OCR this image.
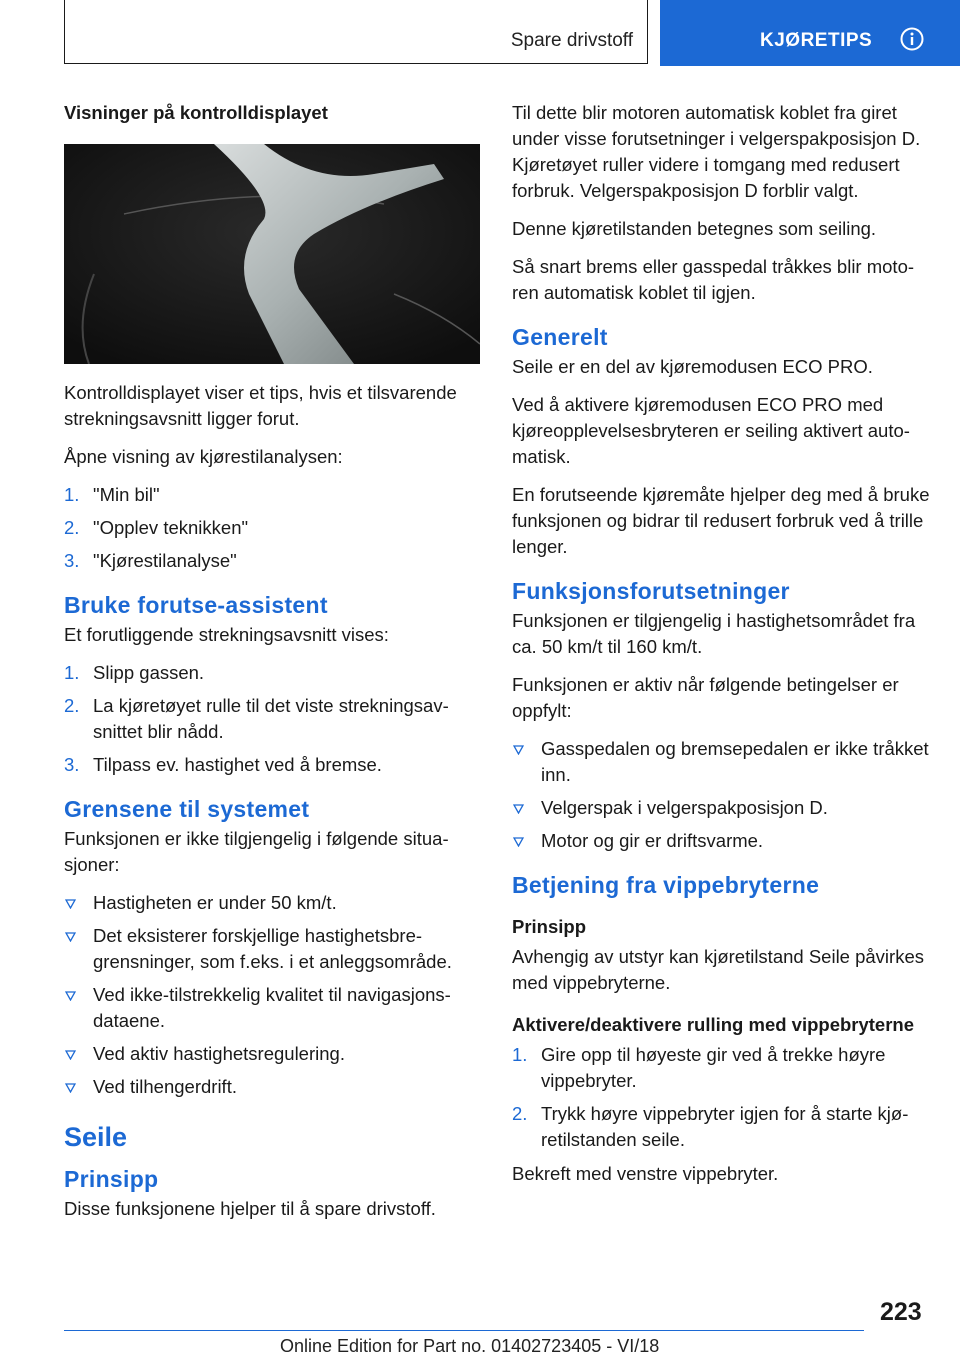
Spare drivstoff	KJØRETIPS
Visninger på kontrolldisplayet

Kontrolldisplayet viser et tips, hvis et tilsvarende strekningsavsnitt ligger forut.

Åpne visning av kjørestilanalysen:

1. "Min bil"
2. "Opplev teknikken"
3. "Kjørestilanalyse"
Bruke forutse-assistent

Et forutliggende strekningsavsnitt vises:

1. Slipp gassen.
2. La kjøretøyet rulle til det viste strekningsavsnittet blir nådd.
3. Tilpass ev. hastighet ved å bremse.
Grensene til systemet

Funksjonen er ikke tilgjengelig i følgende situasjoner:

Hastigheten er under 50 km/t.
Det eksisterer forskjellige hastighetsbregrensninger, som f.eks. i et anleggsområde.
Ved ikke-tilstrekkelig kvalitet til navigasjonsdataene.
Ved aktiv hastighetsregulering.
Ved tilhengerdrift.
Seile
Prinsipp

Disse funksjonene hjelper til å spare drivstoff.

Til dette blir motoren automatisk koblet fra giret under visse forutsetninger i velgerspakposisjon D. Kjøretøyet ruller videre i tomgang med redusert forbruk. Velgerspakposisjon D forblir valgt.

Denne kjøretilstanden betegnes som seiling.

Så snart brems eller gasspedal tråkkes blir motoren automatisk koblet til igjen.

Generelt

Seile er en del av kjøremodusen ECO PRO.

Ved å aktivere kjøremodusen ECO PRO med kjøreopplevelsesbryteren er seiling aktivert automatisk.

En forutseende kjøremåte hjelper deg med å bruke funksjonen og bidrar til redusert forbruk ved å trille lenger.

Funksjonsforutsetninger

Funksjonen er tilgjengelig i hastighetsområdet fra ca. 50 km/t til 160 km/t.

Funksjonen er aktiv når følgende betingelser er oppfylt:

Gasspedalen og bremsepedalen er ikke tråkket inn.
Velgerspak i velgerspakposisjon D.
Motor og gir er driftsvarme.
Betjening fra vippebryterne
Prinsipp

Avhengig av utstyr kan kjøretilstand Seile påvirkes med vippebryterne.

Aktivere/deaktivere rulling med vippebryterne
1. Gire opp til høyeste gir ved å trekke høyre vippebryter.
2. Trykk høyre vippebryter igjen for å starte kjøretilstanden seile.

Bekreft med venstre vippebryter.

223
Online Edition for Part no. 01402723405 - VI/18
